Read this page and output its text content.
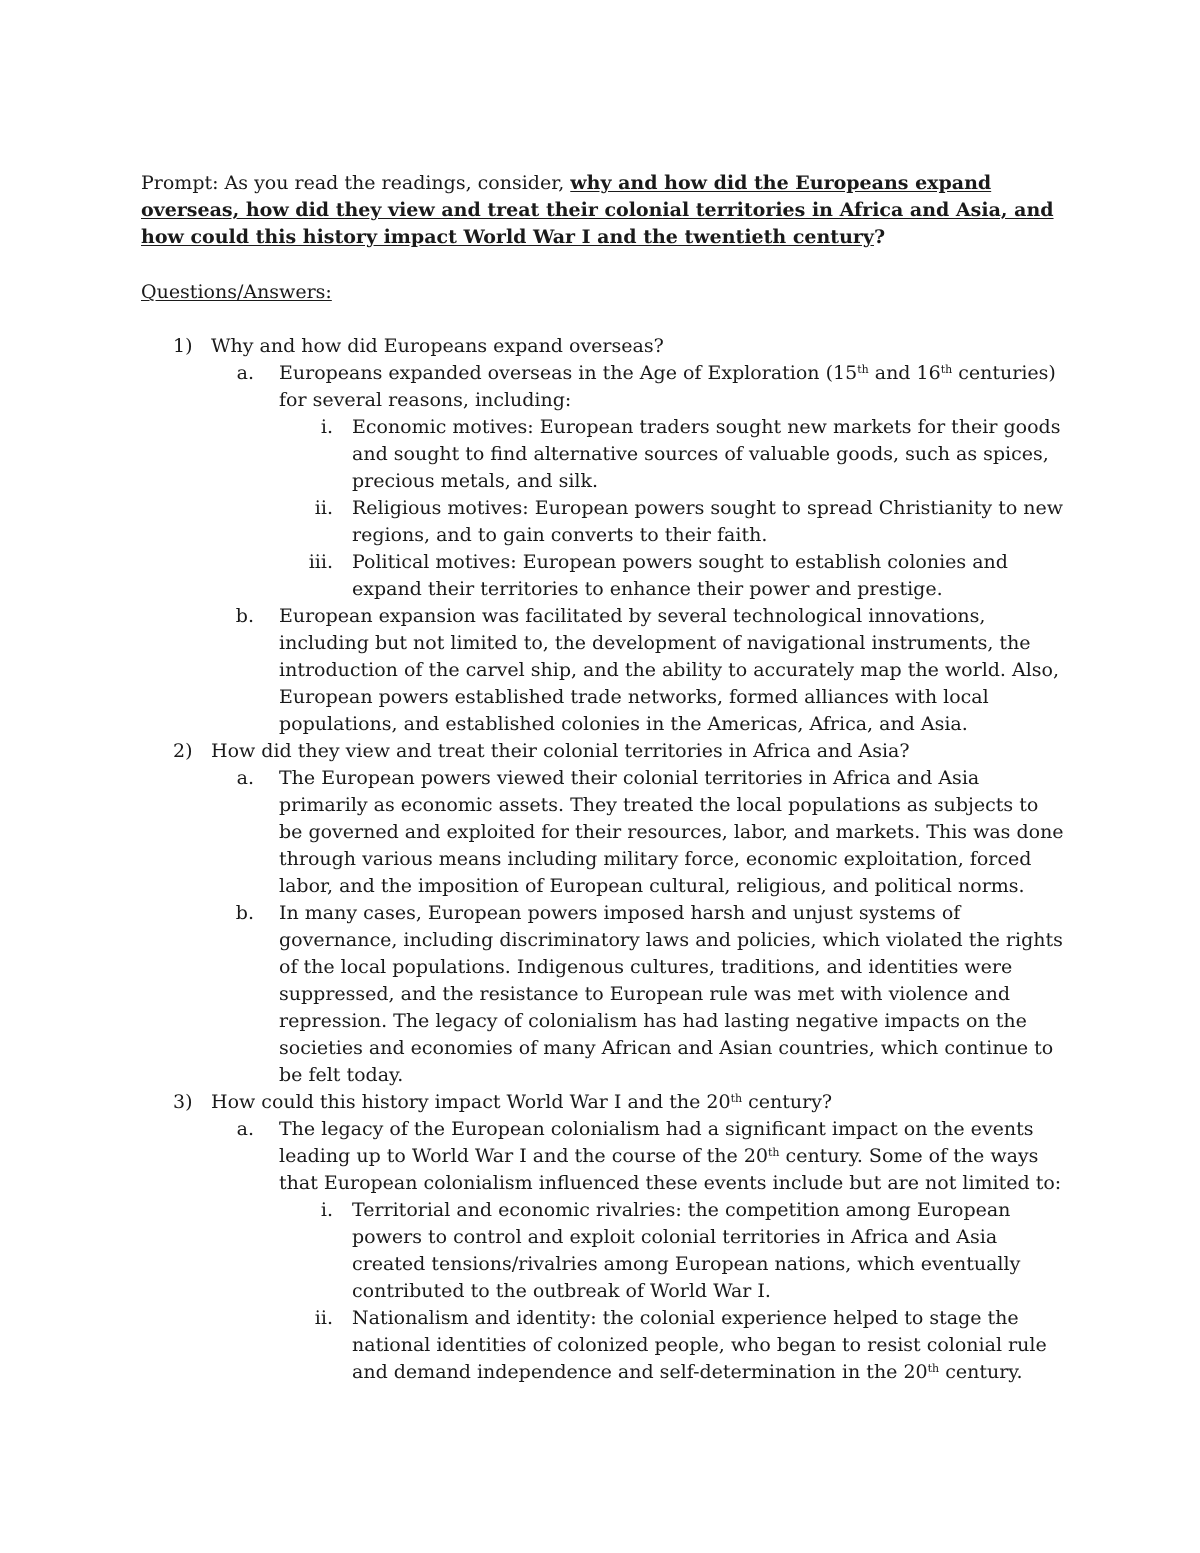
Prompt: As you read the readings, consider, why and how did the Europeans expand overseas, how did they view and treat their colonial territories in Africa and Asia, and how could this history impact World War I and the twentieth century?

Questions/Answers:

1) Why and how did Europeans expand overseas?
a.	Europeans expanded overseas in the Age of Exploration (15th and 16th centuries) for several reasons, including:
i.	Economic motives: European traders sought new markets for their goods and sought to find alternative sources of valuable goods, such as spices, precious metals, and silk.
ii.	Religious motives: European powers sought to spread Christianity to new regions, and to gain converts to their faith.
iii.	Political motives: European powers sought to establish colonies and expand their territories to enhance their power and prestige.
b.	European expansion was facilitated by several technological innovations, including but not limited to, the development of navigational instruments, the introduction of the carvel ship, and the ability to accurately map the world. Also, European powers established trade networks, formed alliances with local populations, and established colonies in the Americas, Africa, and Asia.
2) How did they view and treat their colonial territories in Africa and Asia?
a.	The European powers viewed their colonial territories in Africa and Asia primarily as economic assets. They treated the local populations as subjects to be governed and exploited for their resources, labor, and markets. This was done through various means including military force, economic exploitation, forced labor, and the imposition of European cultural, religious, and political norms.
b.	In many cases, European powers imposed harsh and unjust systems of governance, including discriminatory laws and policies, which violated the rights of the local populations. Indigenous cultures, traditions, and identities were suppressed, and the resistance to European rule was met with violence and repression. The legacy of colonialism has had lasting negative impacts on the societies and economies of many African and Asian countries, which continue to be felt today.
3) How could this history impact World War I and the 20th century?
a.	The legacy of the European colonialism had a significant impact on the events leading up to World War I and the course of the 20th century. Some of the ways that European colonialism influenced these events include but are not limited to:
i.	Territorial and economic rivalries: the competition among European powers to control and exploit colonial territories in Africa and Asia created tensions/rivalries among European nations, which eventually contributed to the outbreak of World War I.
ii.	Nationalism and identity: the colonial experience helped to stage the national identities of colonized people, who began to resist colonial rule and demand independence and self-determination in the 20th century.
